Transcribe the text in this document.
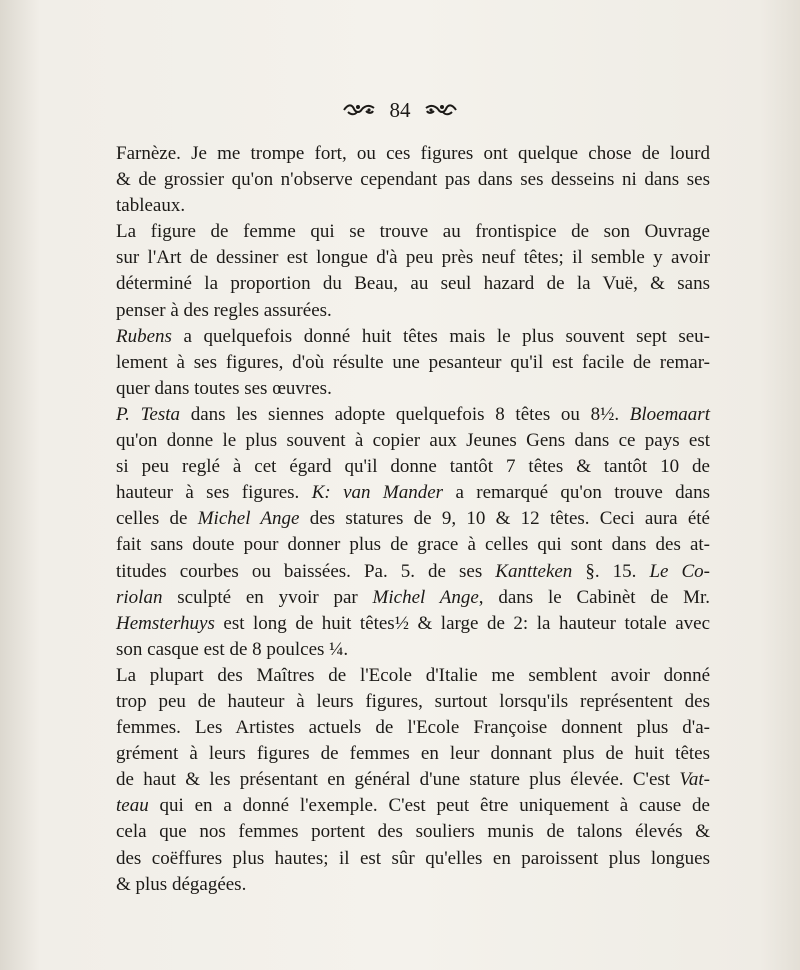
84
Farnèze. Je me trompe fort, ou ces figures ont quelque chose de lourd
& de grossier qu'on n'observe cependant pas dans ses desseins ni dans ses
tableaux.
La figure de femme qui se trouve au frontispice de son Ouvrage
sur l'Art de dessiner est longue d'à peu près neuf têtes; il semble y avoir
déterminé la proportion du Beau, au seul hazard de la Vuë, & sans
penser à des regles assurées.
Rubens a quelquefois donné huit têtes mais le plus souvent sept seu-
lement à ses figures, d'où résulte une pesanteur qu'il est facile de remar-
quer dans toutes ses œuvres.
P. Testa dans les siennes adopte quelquefois 8 têtes ou 8½. Bloemaart
qu'on donne le plus souvent à copier aux Jeunes Gens dans ce pays est
si peu reglé à cet égard qu'il donne tantôt 7 têtes & tantôt 10 de
hauteur à ses figures. K: van Mander a remarqué qu'on trouve dans
celles de Michel Ange des statures de 9, 10 & 12 têtes. Ceci aura été
fait sans doute pour donner plus de grace à celles qui sont dans des at-
titudes courbes ou baissées. Pa. 5. de ses Kantteken §. 15. Le Co-
riolan sculpté en yvoir par Michel Ange, dans le Cabinèt de Mr.
Hemsterhuys est long de huit têtes½ & large de 2: la hauteur totale avec
son casque est de 8 poulces ¼.
La plupart des Maîtres de l'Ecole d'Italie me semblent avoir donné
trop peu de hauteur à leurs figures, surtout lorsqu'ils représentent des
femmes. Les Artistes actuels de l'Ecole Françoise donnent plus d'a-
grément à leurs figures de femmes en leur donnant plus de huit têtes
de haut & les présentant en général d'une stature plus élevée. C'est Vat-
teau qui en a donné l'exemple. C'est peut être uniquement à cause de
cela que nos femmes portent des souliers munis de talons élevés &
des coëffures plus hautes; il est sûr qu'elles en paroissent plus longues
& plus dégagées.
